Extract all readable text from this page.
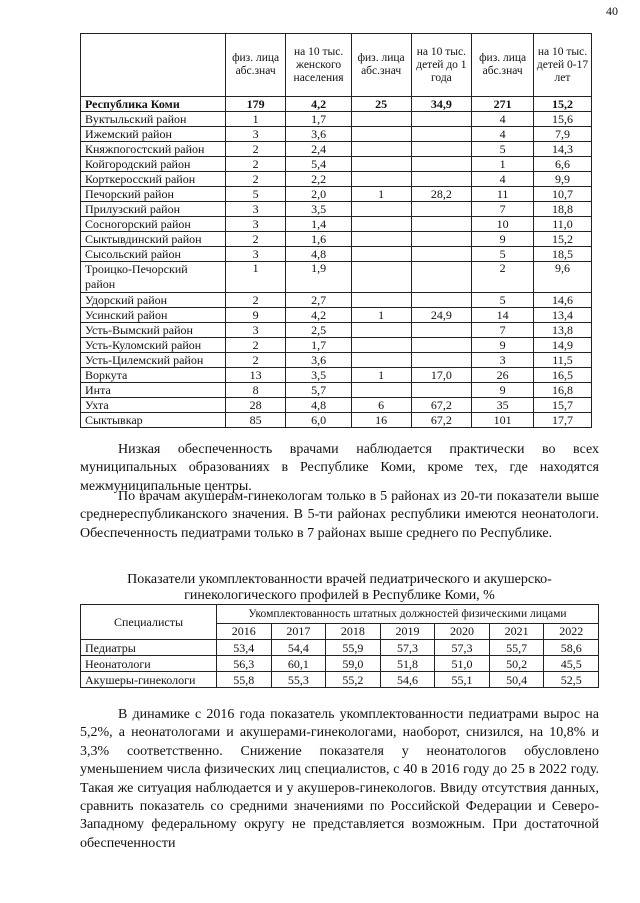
40
	физ. лица абс.знач	на 10 тыс. женского населения	физ. лица абс.знач	на 10 тыс. детей до 1 года	физ. лица абс.знач	на 10 тыс. детей 0-17 лет
Республика Коми	179	4,2	25	34,9	271	15,2
Вуктыльский район	1	1,7			4	15,6
Ижемский район	3	3,6			4	7,9
Княжпогостский район	2	2,4			5	14,3
Койгородский район	2	5,4			1	6,6
Корткеросский район	2	2,2			4	9,9
Печорский район	5	2,0	1	28,2	11	10,7
Прилузский район	3	3,5			7	18,8
Сосногорский район	3	1,4			10	11,0
Сыктывдинский район	2	1,6			9	15,2
Сысольский район	3	4,8			5	18,5
Троицко-Печорский район	1	1,9			2	9,6
Удорский район	2	2,7			5	14,6
Усинский район	9	4,2	1	24,9	14	13,4
Усть-Вымский район	3	2,5			7	13,8
Усть-Куломский район	2	1,7			9	14,9
Усть-Цилемский район	2	3,6			3	11,5
Воркута	13	3,5	1	17,0	26	16,5
Инта	8	5,7			9	16,8
Ухта	28	4,8	6	67,2	35	15,7
Сыктывкар	85	6,0	16	67,2	101	17,7

Низкая обеспеченность врачами наблюдается практически во всех муниципальных образованиях в Республике Коми, кроме тех, где находятся межмуниципальные центры.

По врачам акушерам-гинекологам только в 5 районах из 20-ти показатели выше среднереспубликанского значения. В 5-ти районах республики имеются неонатологи. Обеспеченность педиатрами только в 7 районах выше среднего по Республике.

Показатели укомплектованности врачей педиатрического и акушерско-гинекологического профилей в Республике Коми, %

Специалисты	Укомплектованность штатных должностей физическими лицами						
	2016	2017	2018	2019	2020	2021	2022
Педиатры	53,4	54,4	55,9	57,3	57,3	55,7	58,6
Неонатологи	56,3	60,1	59,0	51,8	51,0	50,2	45,5
Акушеры-гинекологи	55,8	55,3	55,2	54,6	55,1	50,4	52,5

В динамике с 2016 года показатель укомплектованности педиатрами вырос на 5,2%, а неонатологами и акушерами-гинекологами, наоборот, снизился, на 10,8% и 3,3% соответственно. Снижение показателя у неонатологов обусловлено уменьшением числа физических лиц специалистов, с 40 в 2016 году до 25 в 2022 году. Такая же ситуация наблюдается и у акушеров-гинекологов. Ввиду отсутствия данных, сравнить показатель со средними значениями по Российской Федерации и Северо-Западному федеральному округу не представляется возможным. При достаточной обеспеченности
